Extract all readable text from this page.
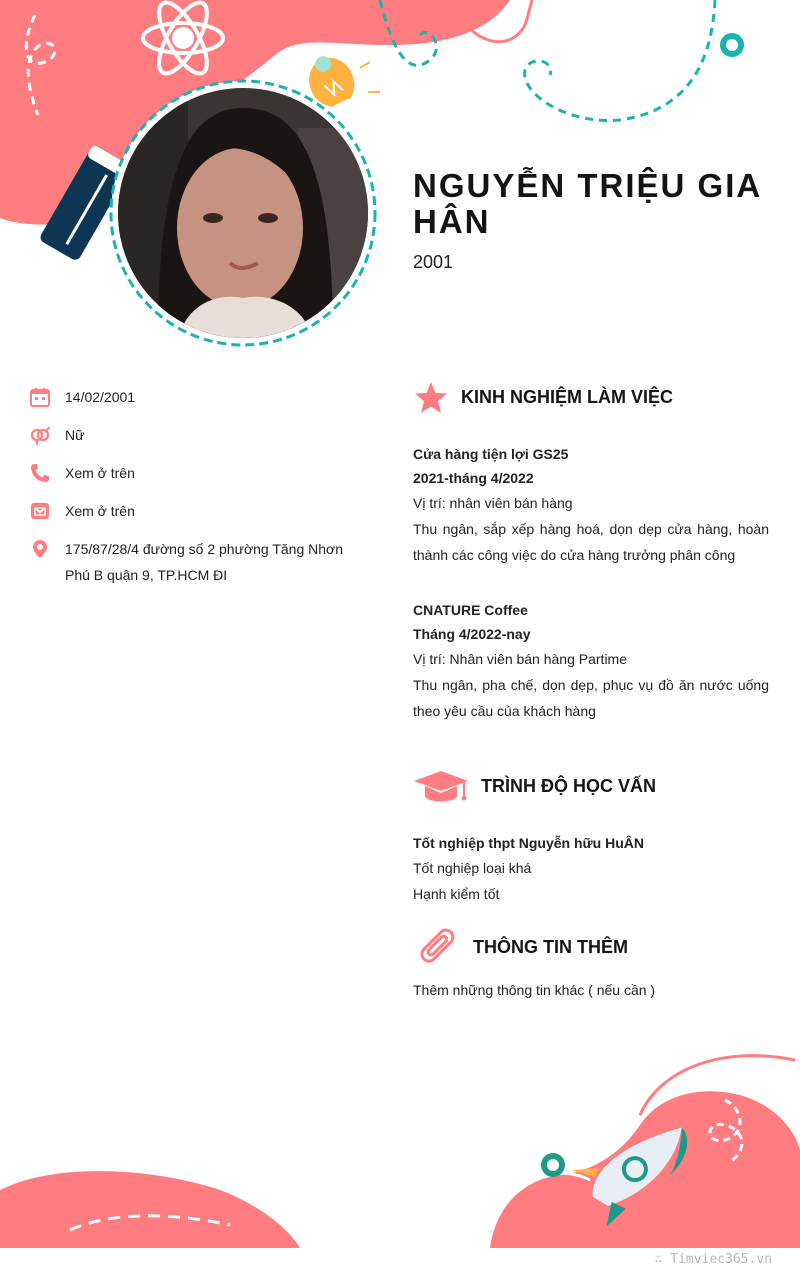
NGUYỄN TRIỆU GIA HÂN
2001
14/02/2001
Nữ
Xem ở trên
Xem ở trên
175/87/28/4 đường số 2 phường Tăng Nhơn Phú B quận 9, TP.HCM ĐI
KINH NGHIỆM LÀM VIỆC

Cửa hàng tiện lợi GS25

2021-tháng 4/2022

Vị trí: nhân viên bán hàng

Thu ngân, sắp xếp hàng hoá, dọn dẹp cửa hàng, hoàn thành các công việc do cửa hàng trưởng phân công

CNATURE Coffee

Tháng 4/2022-nay

Vị trí: Nhân viên bán hàng Partime

Thu ngân, pha chế, dọn dẹp, phục vụ đồ ăn nước uống theo yêu cầu của khách hàng

TRÌNH ĐỘ HỌC VẤN

Tốt nghiệp thpt Nguyễn hữu HuÂN

Tốt nghiệp loại khá

Hạnh kiểm tốt

THÔNG TIN THÊM

Thêm những thông tin khác ( nếu cần )

∴ Timviec365.vn
